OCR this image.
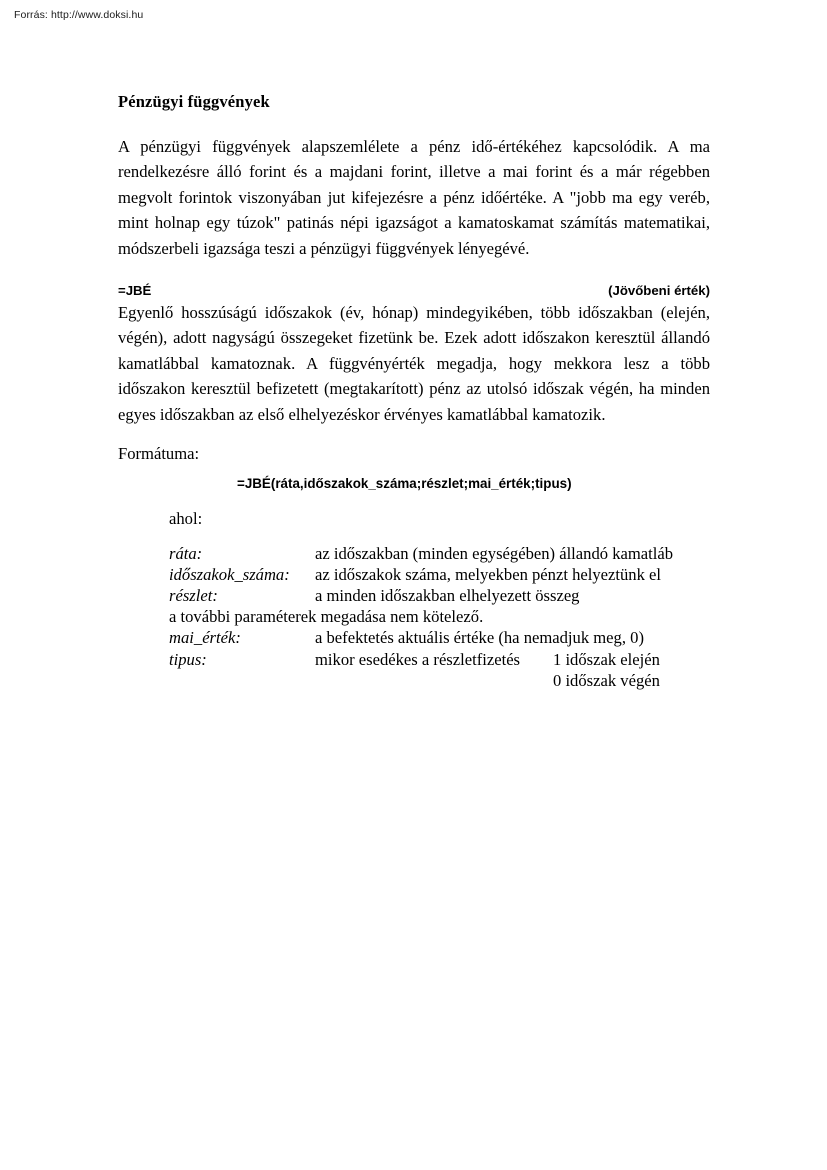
Forrás: http://www.doksi.hu
Pénzügyi függvények

A pénzügyi függvények alapszemlélete a pénz idő-értékéhez kapcsolódik. A ma rendelkezésre álló forint és a majdani forint, illetve a mai forint és a már régebben megvolt forintok viszonyában jut kifejezésre a pénz időértéke. A "jobb ma egy veréb, mint holnap egy túzok" patinás népi igazságot a kamatoskamat számítás matematikai, módszerbeli igazsága teszi a pénzügyi függvények lényegévé.

=JBÉ	(Jövőbeni érték)

Egyenlő hosszúságú időszakok (év, hónap) mindegyikében, több időszakban (elején, végén), adott nagyságú összegeket fizetünk be. Ezek adott időszakon keresztül állandó kamatlábbal kamatoznak. A függvényérték megadja, hogy mekkora lesz a több időszakon keresztül befizetett (megtakarított) pénz az utolsó időszak végén, ha minden egyes időszakban az első elhelyezéskor érvényes kamatlábbal kamatozik.

Formátuma:

=JBÉ(ráta,időszakok_száma;részlet;mai_érték;tipus)
ahol:
ráta:	az időszakban (minden egységében) állandó kamatláb
időszakok_száma:	az időszakok száma, melyekben pénzt helyeztünk el
részlet:	a minden időszakban elhelyezett összeg
a további paraméterek megadása nem kötelező.
mai_érték:	a befektetés aktuális értéke (ha nemadjuk meg, 0)
tipus:	mikor esedékes a részletfizetés	1 időszak elején
0 időszak végén
